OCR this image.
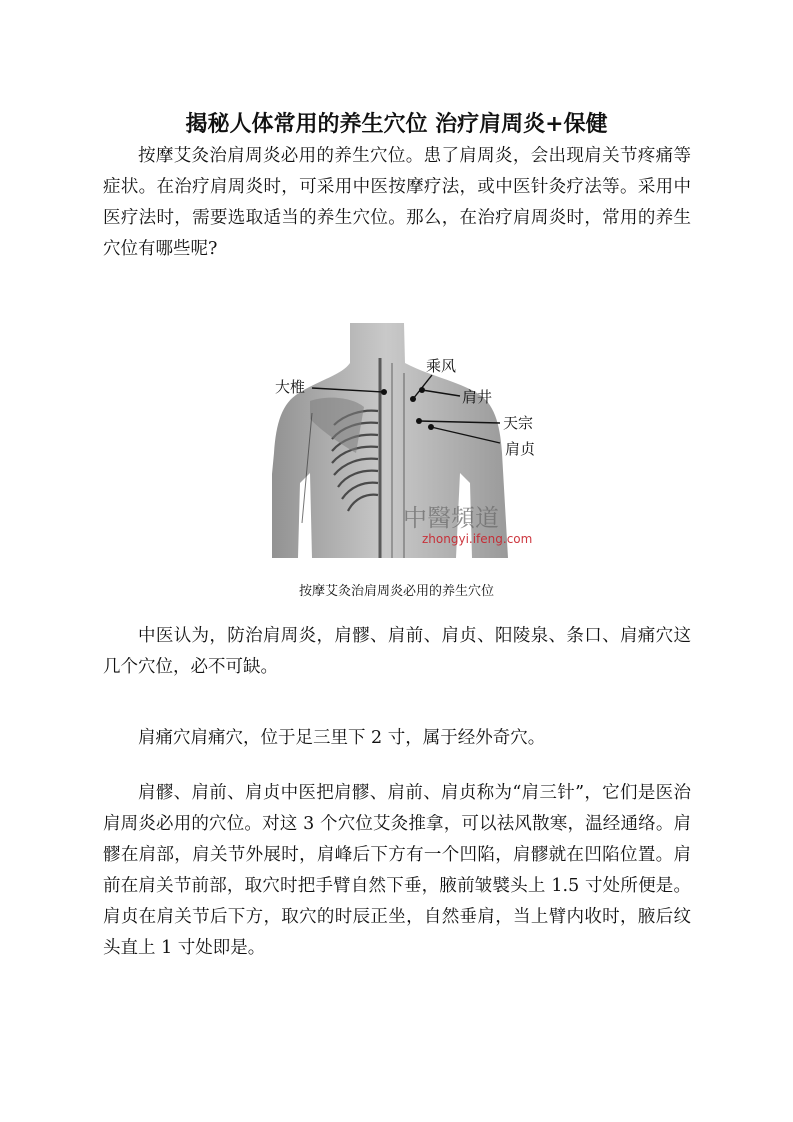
揭秘人体常用的养生穴位 治疗肩周炎+保健

按摩艾灸治肩周炎必用的养生穴位。患了肩周炎，会出现肩关节疼痛等症状。在治疗肩周炎时，可采用中医按摩疗法，或中医针灸疗法等。采用中医疗法时，需要选取适当的养生穴位。那么，在治疗肩周炎时，常用的养生穴位有哪些呢?

大椎
乘风
肩井
天宗
肩贞
中醫頻道
zhongyi.ifeng.com
按摩艾灸治肩周炎必用的养生穴位

中医认为，防治肩周炎，肩髎、肩前、肩贞、阳陵泉、条口、肩痛穴这几个穴位，必不可缺。

肩痛穴肩痛穴，位于足三里下 2 寸，属于经外奇穴。

肩髎、肩前、肩贞中医把肩髎、肩前、肩贞称为“肩三针”，它们是医治肩周炎必用的穴位。对这 3 个穴位艾灸推拿，可以祛风散寒，温经通络。肩髎在肩部，肩关节外展时，肩峰后下方有一个凹陷，肩髎就在凹陷位置。肩前在肩关节前部，取穴时把手臂自然下垂，腋前皱襞头上 1.5 寸处所便是。肩贞在肩关节后下方，取穴的时辰正坐，自然垂肩，当上臂内收时，腋后纹头直上 1 寸处即是。
